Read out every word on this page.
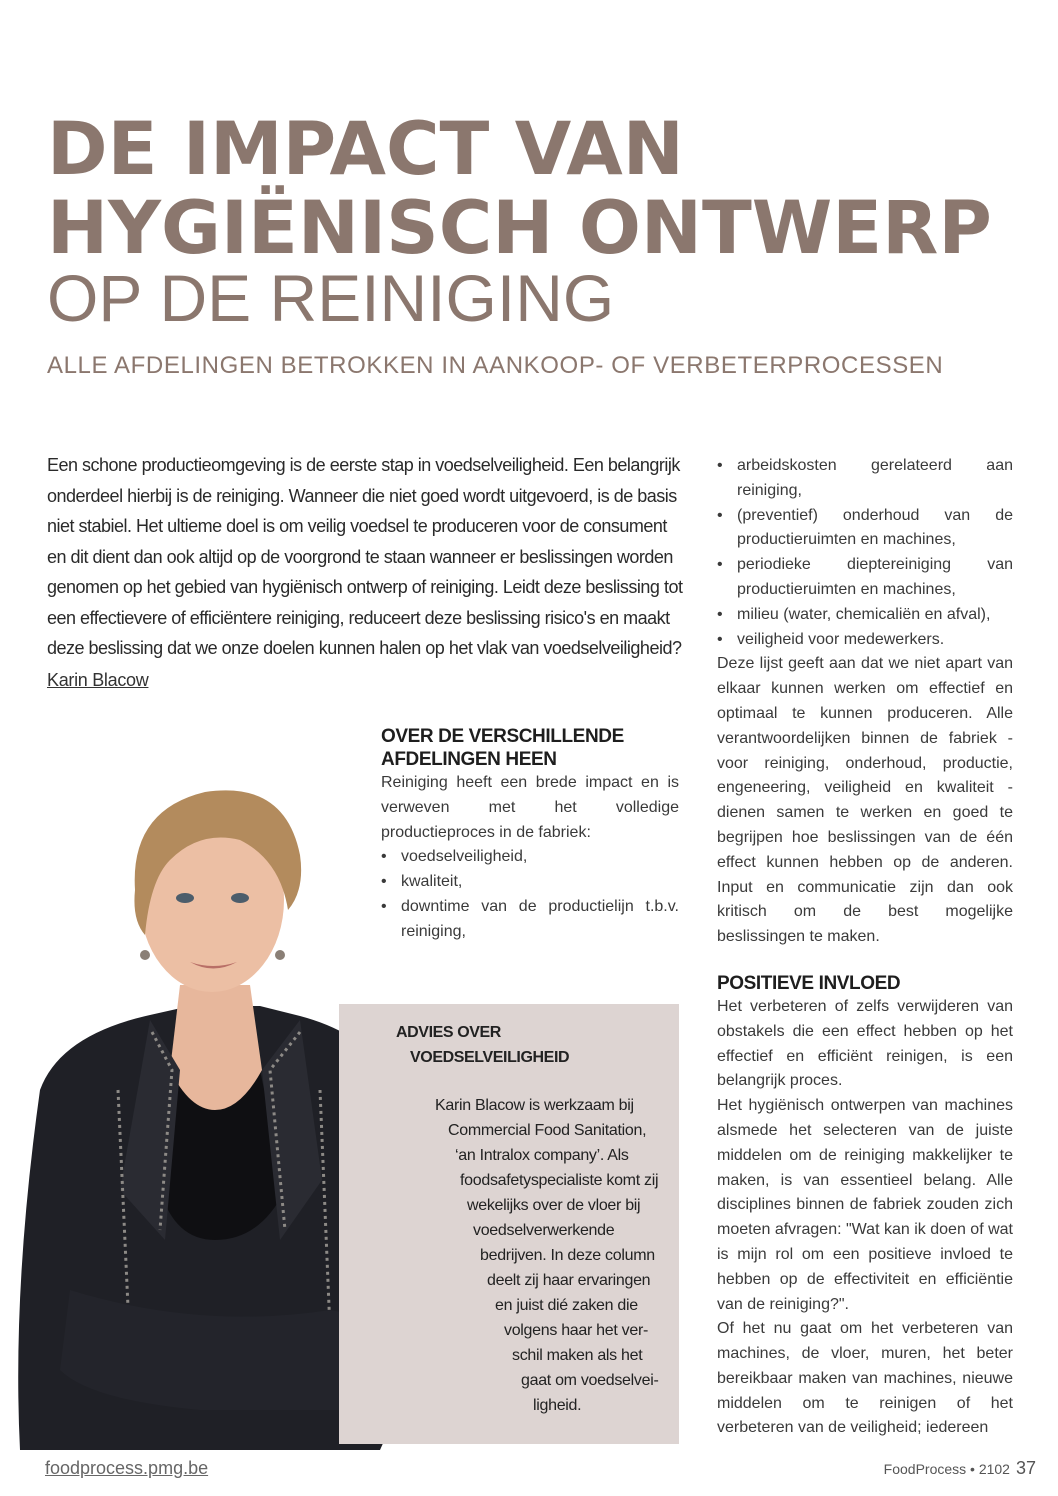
DE IMPACT VAN
HYGIËNISCH ONTWERP
OP DE REINIGING
ALLE AFDELINGEN BETROKKEN IN AANKOOP- OF VERBETERPROCESSEN

Een schone productieomgeving is de eerste stap in voedselveiligheid. Een belangrijk onderdeel hierbij is de reiniging. Wanneer die niet goed wordt uitgevoerd, is de basis niet stabiel. Het ultieme doel is om veilig voedsel te produceren voor de consument en dit dient dan ook altijd op de voorgrond te staan wanneer er beslissingen worden genomen op het gebied van hygiënisch ontwerp of reiniging. Leidt deze beslissing tot een effectievere of efficiëntere reiniging, reduceert deze beslissing risico's en maakt deze beslissing dat we onze doelen kunnen halen op het vlak van voedselveiligheid?

Karin Blacow
ADVIES OVER
VOEDSELVEILIGHEID
Karin Blacow is werkzaam bij
Commercial Food Sanitation,
‘an Intralox company’. Als
foodsafetyspecialiste komt zij
wekelijks over de vloer bij
voedselverwerkende
bedrijven. In deze column
deelt zij haar ervaringen
en juist dié zaken die
volgens haar het ver-
schil maken als het
gaat om voedselvei-
ligheid.
OVER DE VERSCHILLENDE AFDELINGEN HEEN

Reiniging heeft een brede impact en is verweven met het volledige productieproces in de fabriek:

• voedselveiligheid,
• kwaliteit,
• downtime van de productielijn t.b.v. reiniging,
• arbeidskosten gerelateerd aan reiniging,
• (preventief) onderhoud van de productieruimten en machines,
• periodieke dieptereiniging van productieruimten en machines,
• milieu (water, chemicaliën en afval),
• veiligheid voor medewerkers.

Deze lijst geeft aan dat we niet apart van elkaar kunnen werken om effectief en optimaal te kunnen produceren. Alle verantwoordelijken binnen de fabriek - voor reiniging, onderhoud, productie, engeneering, veiligheid en kwaliteit - dienen samen te werken en goed te begrijpen hoe beslissingen van de één effect kunnen hebben op de anderen. Input en communicatie zijn dan ook kritisch om de best mogelijke beslissingen te maken.

POSITIEVE INVLOED

Het verbeteren of zelfs verwijderen van obstakels die een effect hebben op het effectief en efficiënt reinigen, is een belangrijk proces.

Het hygiënisch ontwerpen van machines alsmede het selecteren van de juiste middelen om de reiniging makkelijker te maken, is van essentieel belang. Alle disciplines binnen de fabriek zouden zich moeten afvragen: "Wat kan ik doen of wat is mijn rol om een positieve invloed te hebben op de effectiviteit en efficiëntie van de reiniging?".

Of het nu gaat om het verbeteren van machines, de vloer, muren, het beter bereikbaar maken van machines, nieuwe middelen om te reinigen of het verbeteren van de veiligheid; iedereen

foodprocess.pmg.be	FoodProcess • 2102 37
